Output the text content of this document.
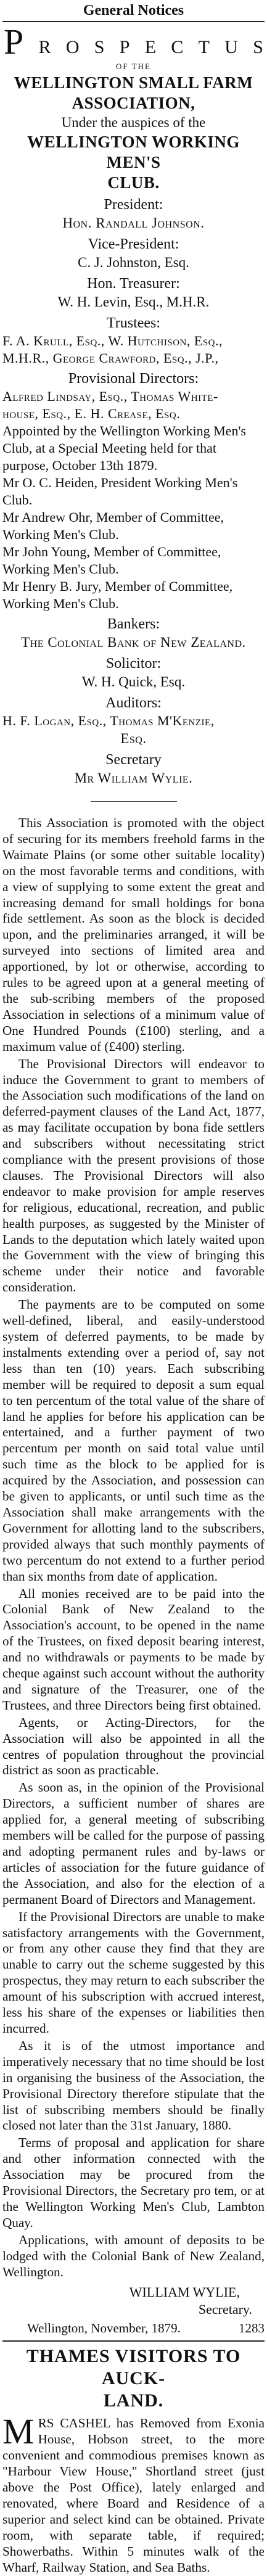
General Notices
P R O S P E C T U S
OF THE
WELLINGTON SMALL FARM
ASSOCIATION,
Under the auspices of the
WELLINGTON WORKING MEN'S
CLUB.
President:
Hon. Randall Johnson.
Vice-President:
C. J. Johnston, Esq.
Hon. Treasurer:
W. H. Levin, Esq., M.H.R.
Trustees:
F. A. Krull, Esq., W. Hutchison, Esq.,
M.H.R., George Crawford, Esq., J.P.,
Provisional Directors:
Alfred Lindsay, Esq., Thomas White-
house, Esq., E. H. Crease, Esq.
Appointed by the Wellington Working Men's
Club, at a Special Meeting held for that
purpose, October 13th 1879.
Mr O. C. Heiden, President Working Men's
Club.
Mr Andrew Ohr, Member of Committee,
Working Men's Club.
Mr John Young, Member of Committee,
Working Men's Club.
Mr Henry B. Jury, Member of Committee,
Working Men's Club.
Bankers:
The Colonial Bank of New Zealand.
Solicitor:
W. H. Quick, Esq.
Auditors:
H. F. Logan, Esq., Thomas M'Kenzie,
Esq.
Secretary
Mr William Wylie.

This Association is promoted with the object of securing for its members freehold farms in the Waimate Plains (or some other suitable locality) on the most favorable terms and conditions, with a view of supplying to some extent the great and increasing demand for small holdings for bona fide settlement. As soon as the block is decided upon, and the preliminaries arranged, it will be surveyed into sections of limited area and apportioned, by lot or otherwise, according to rules to be agreed upon at a general meeting of the sub-scribing members of the proposed Association in selections of a minimum value of One Hundred Pounds (£100) sterling, and a maximum value of (£400) sterling.

The Provisional Directors will endeavor to induce the Government to grant to members of the Association such modifications of the land on deferred-payment clauses of the Land Act, 1877, as may facilitate occupation by bona fide settlers and subscribers without necessitating strict compliance with the present provisions of those clauses. The Provisional Directors will also endeavor to make provision for ample reserves for religious, educational, recreation, and public health purposes, as suggested by the Minister of Lands to the deputation which lately waited upon the Government with the view of bringing this scheme under their notice and favorable consideration.

The payments are to be computed on some well-defined, liberal, and easily-understood system of deferred payments, to be made by instalments extending over a period of, say not less than ten (10) years. Each subscribing member will be required to deposit a sum equal to ten percentum of the total value of the share of land he applies for before his application can be entertained, and a further payment of two percentum per month on said total value until such time as the block to be applied for is acquired by the Association, and possession can be given to applicants, or until such time as the Association shall make arrangements with the Government for allotting land to the subscribers, provided always that such monthly payments of two percentum do not extend to a further period than six months from date of application.

All monies received are to be paid into the Colonial Bank of New Zealand to the Association's account, to be opened in the name of the Trustees, on fixed deposit bearing interest, and no withdrawals or payments to be made by cheque against such account without the authority and signature of the Treasurer, one of the Trustees, and three Directors being first obtained.

Agents, or Acting-Directors, for the Association will also be appointed in all the centres of population throughout the provincial district as soon as practicable.

As soon as, in the opinion of the Provisional Directors, a sufficient number of shares are applied for, a general meeting of subscribing members will be called for the purpose of passing and adopting permanent rules and by-laws or articles of association for the future guidance of the Association, and also for the election of a permanent Board of Directors and Management.

If the Provisional Directors are unable to make satisfactory arrangements with the Government, or from any other cause they find that they are unable to carry out the scheme suggested by this prospectus, they may return to each subscriber the amount of his subscription with accrued interest, less his share of the expenses or liabilities then incurred.

As it is of the utmost importance and imperatively necessary that no time should be lost in organising the business of the Association, the Provisional Directory therefore stipulate that the list of subscribing members should be finally closed not later than the 31st January, 1880.

Terms of proposal and application for share and other information connected with the Association may be procured from the Provisional Directors, the Secretary pro tem, or at the Wellington Working Men's Club, Lambton Quay.

Applications, with amount of deposits to be lodged with the Colonial Bank of New Zealand, Wellington.

WILLIAM WYLIE,
Secretary.
Wellington, November, 1879.	1283
THAMES VISITORS TO AUCK-
LAND.
M RS CASHEL has Removed from Exonia House, Hobson street, to the more convenient and commodious premises known as "Harbour View House," Shortland street (just above the Post Office), lately enlarged and renovated, where Board and Residence of a superior and select kind can be obtained. Private room, with separate table, if required; Showerbaths. Within 5 minutes walk of the Wharf, Railway Station, and Sea Baths.
